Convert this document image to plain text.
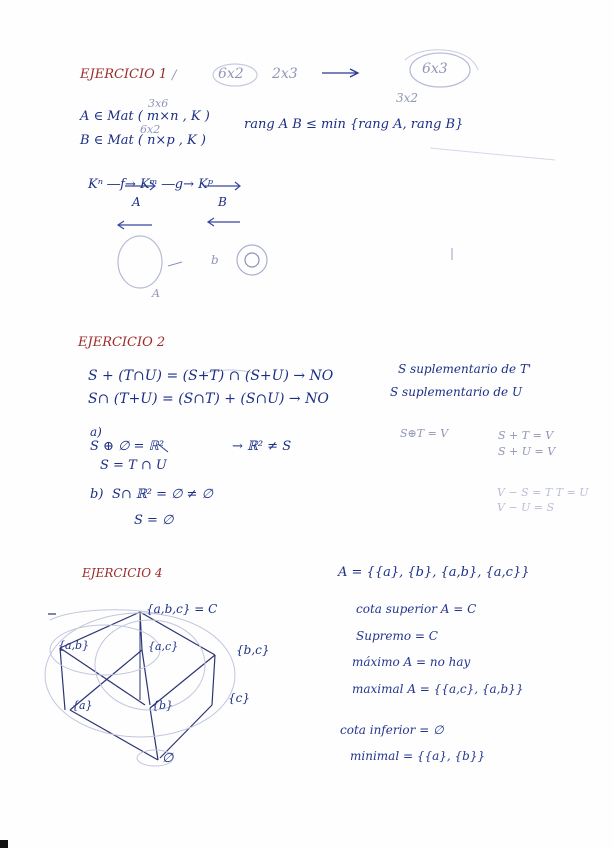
EJERCICIO 1 /	6x2 2x3	6x3
3x2
3x6
A ∈ Mat ( m×n , K )
6x2
B ∈ Mat ( n×p , K )
rang A B ≤ min {rang A, rang B}
Kⁿ ―f→ Kᵐ ―g→ Kᵖ
A	B
A
b
EJERCICIO 2
S + (T∩U) = (S+T) ∩ (S+U) → NO	S suplementario de T'
S∩ (T+U) = (S∩T) + (S∩U) → NO	S suplementario de U
a)
S ⊕ ∅ = ℝ²	→ ℝ² ≠ S
S = T ∩ U
S⊕T = V	S + T = V
S + U = V
V − S = T T = U
V − U = S
b) S∩ ℝ² = ∅ ≠ ∅
S = ∅
EJERCICIO 4	A = {{a}, {b}, {a,b}, {a,c}}
{a,b,c} = C
{a,b}	{a,c}	{b,c}
{a}	{b}
{c}
∅
cota superior A = C
Supremo = C
máximo A = no hay
maximal A = {{a,c}, {a,b}}
cota inferior = ∅
minimal = {{a}, {b}}
